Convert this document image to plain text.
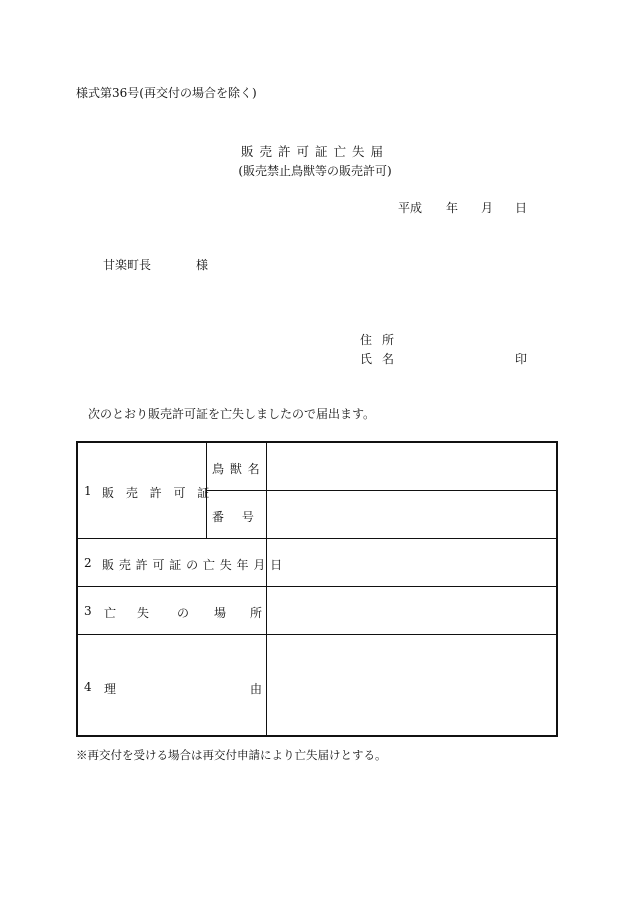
様式第36号(再交付の場合を除く)
販売許可証亡失届
(販売禁止鳥獣等の販売許可)
平成 年 月 日
甘楽町長	様
住所
氏名	印
次のとおり販売許可証を亡失しましたので届出ます。
1 販 売 許 可 証
鳥 獣 名
番 号
2 販 売 許 可 証 の 亡 失 年 月 日
3 亡 失 の 場 所
4 理	由
※再交付を受ける場合は再交付申請により亡失届けとする。
